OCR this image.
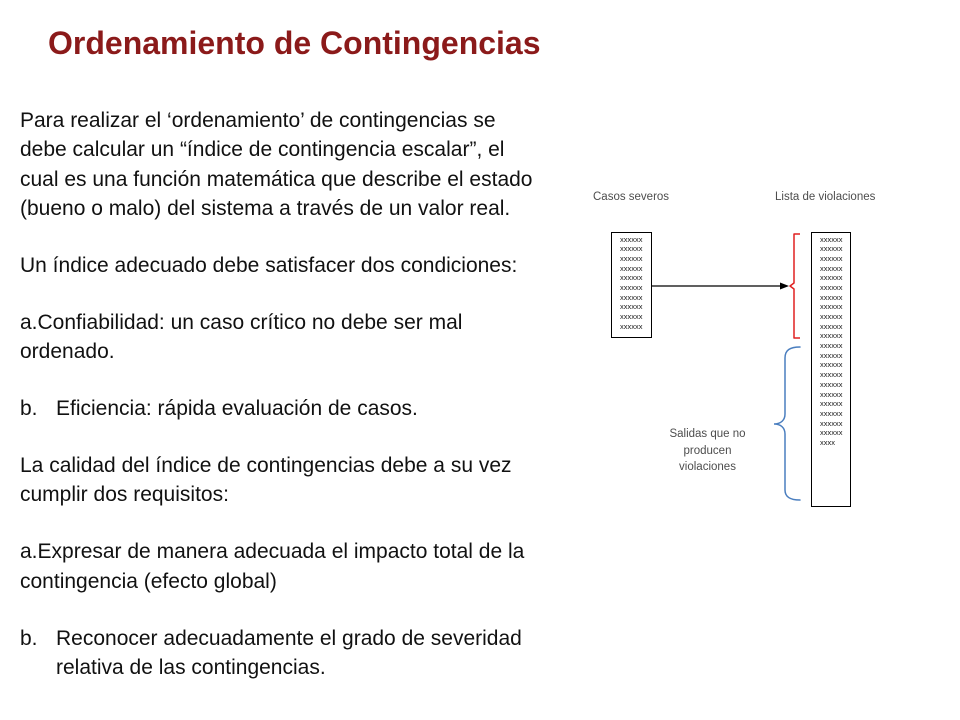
Ordenamiento de Contingencias
Para realizar el ‘ordenamiento’ de contingencias se
debe calcular un “índice de contingencia escalar”, el
cual es una función matemática que describe el estado
(bueno o malo) del sistema a través de un valor real.
Un índice adecuado debe satisfacer dos condiciones:
a.Confiabilidad: un caso crítico no debe ser mal
ordenado.
b. Eficiencia: rápida evaluación de casos.
La calidad del índice de contingencias debe a su vez
cumplir dos requisitos:
a.Expresar de manera adecuada el impacto total de la
contingencia (efecto global)
b. Reconocer adecuadamente el grado de severidad
relativa de las contingencias.
Casos severos	Lista de violaciones
xxxxxx
xxxxxx
xxxxxx
xxxxxx
xxxxxx
xxxxxx
xxxxxx
xxxxxx
xxxxxx
xxxxxx
xxxxxx
xxxxxx
xxxxxx
xxxxxx
xxxxxx
xxxxxx
xxxxxx
xxxxxx
xxxxxx
xxxxxx
xxxxxx
xxxxxx
xxxxxx
xxxxxx
xxxxxx
xxxxxx
xxxxxx
xxxxxx
xxxxxx
xxxxxx
xxxxxx
xxxx
Salidas que no
producen
violaciones
